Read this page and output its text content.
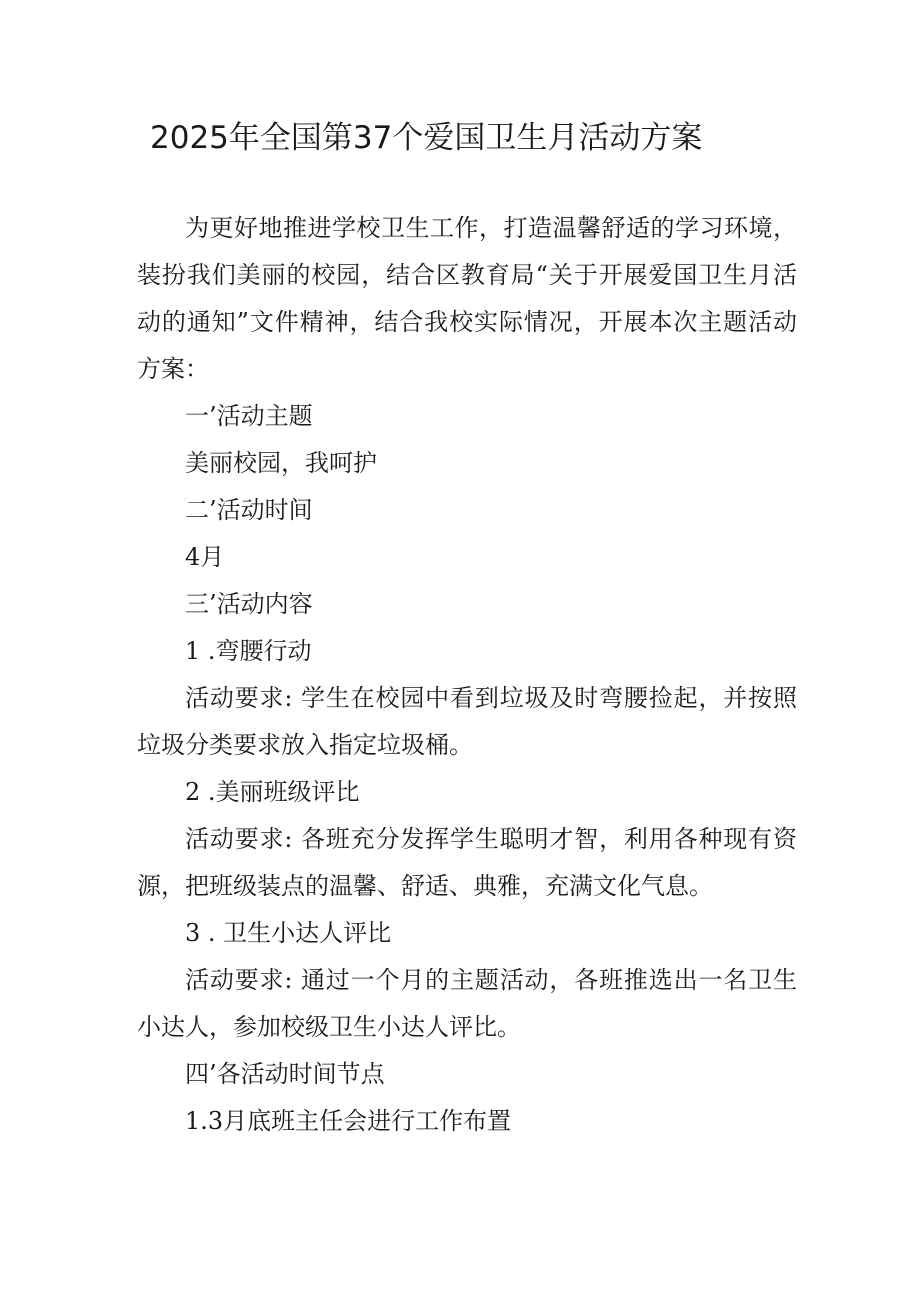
2025年全国第37个爱国卫生月活动方案

为更好地推进学校卫生工作，打造温馨舒适的学习环境，装扮我们美丽的校园，结合区教育局“关于开展爱国卫生月活动的通知”文件精神，结合我校实际情况，开展本次主题活动方案：

一’活动主题

美丽校园，我呵护

二’活动时间

4月

三’活动内容

1 .弯腰行动

活动要求: 学生在校园中看到垃圾及时弯腰捡起，并按照垃圾分类要求放入指定垃圾桶。

2 .美丽班级评比

活动要求: 各班充分发挥学生聪明才智，利用各种现有资源，把班级装点的温馨、舒适、典雅，充满文化气息。

3 . 卫生小达人评比

活动要求: 通过一个月的主题活动，各班推选出一名卫生小达人，参加校级卫生小达人评比。

四’各活动时间节点

1.3月底班主任会进行工作布置
